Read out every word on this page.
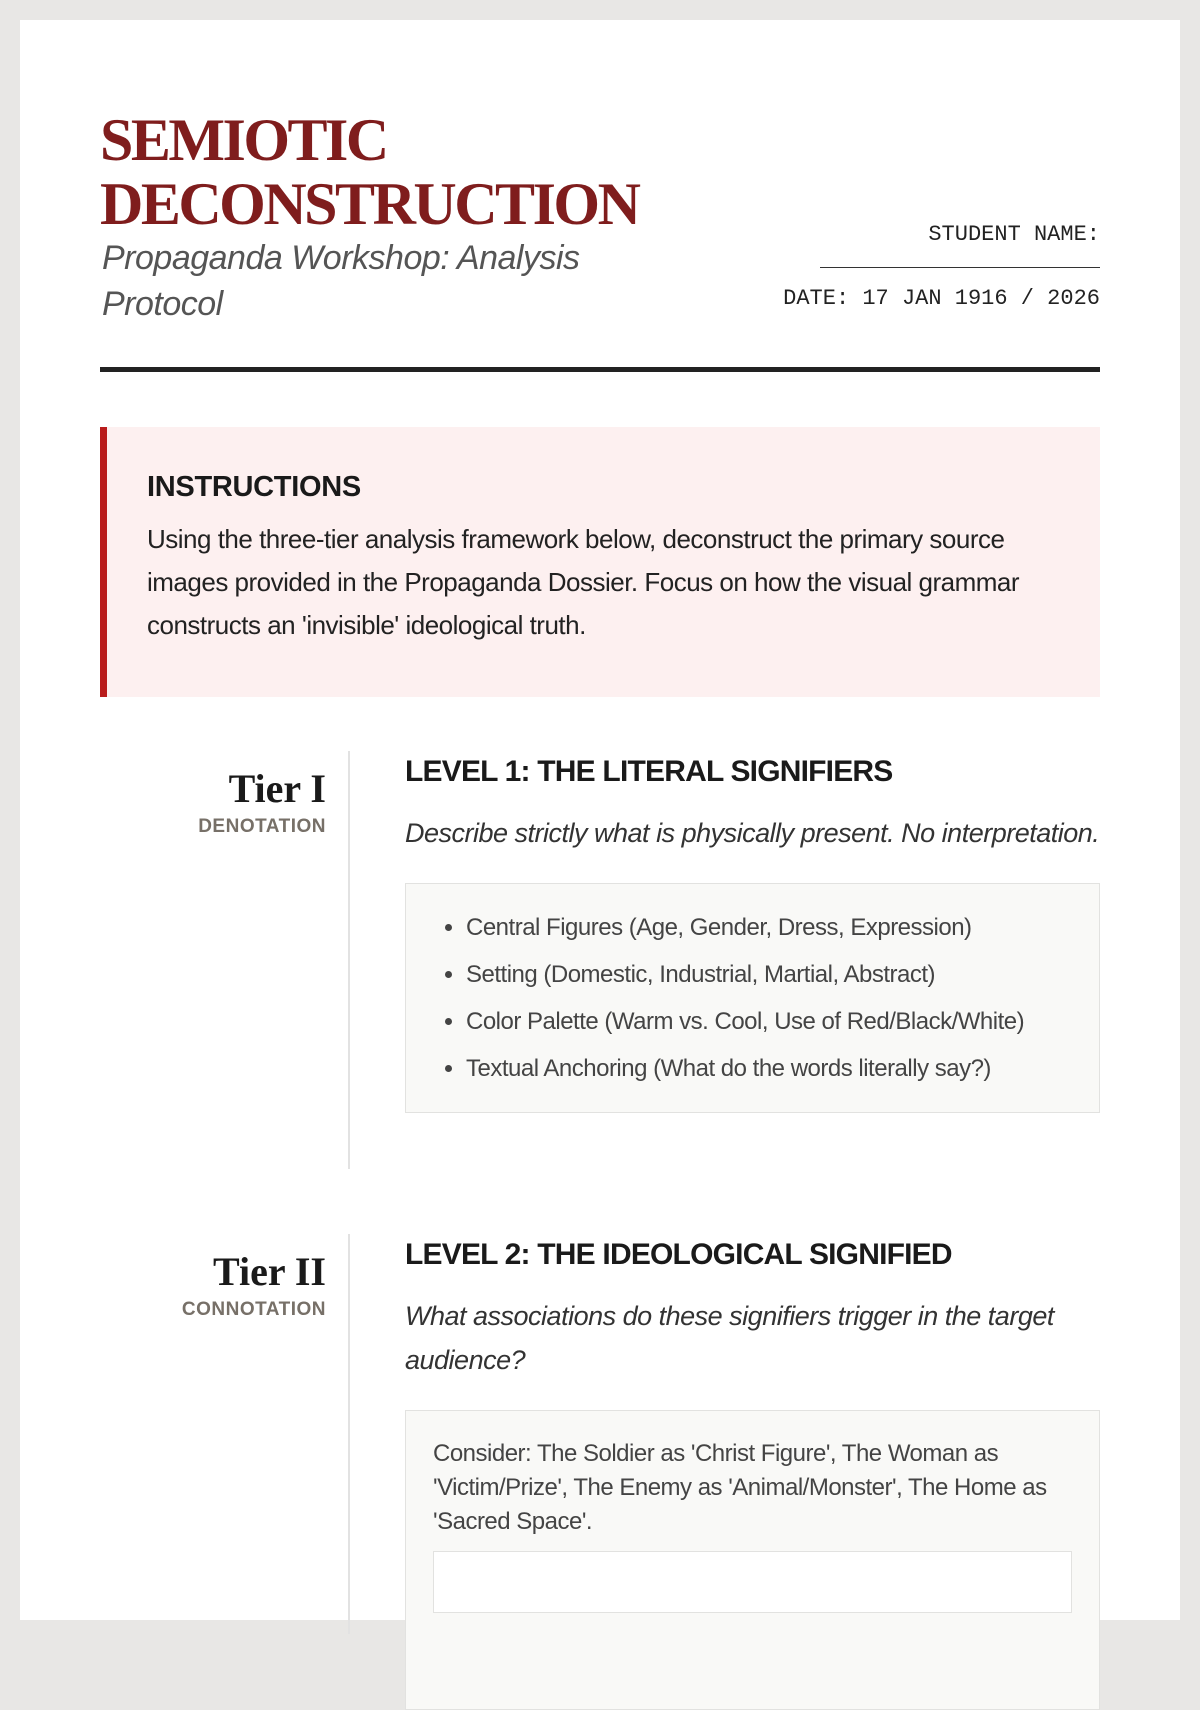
SEMIOTIC
DECONSTRUCTION
Propaganda Workshop: Analysis Protocol
STUDENT NAME:
DATE: 17 JAN 1916 / 2026
INSTRUCTIONS

Using the three-tier analysis framework below, deconstruct the primary source images provided in the Propaganda Dossier. Focus on how the visual grammar constructs an 'invisible' ideological truth.

Tier I
DENOTATION
LEVEL 1: THE LITERAL SIGNIFIERS

Describe strictly what is physically present. No interpretation.

• Central Figures (Age, Gender, Dress, Expression)
• Setting (Domestic, Industrial, Martial, Abstract)
• Color Palette (Warm vs. Cool, Use of Red/Black/White)
• Textual Anchoring (What do the words literally say?)
Tier II
CONNOTATION
LEVEL 2: THE IDEOLOGICAL SIGNIFIED

What associations do these signifiers trigger in the target audience?

Consider: The Soldier as 'Christ Figure', The Woman as 'Victim/Prize', The Enemy as 'Animal/Monster', The Home as 'Sacred Space'.
